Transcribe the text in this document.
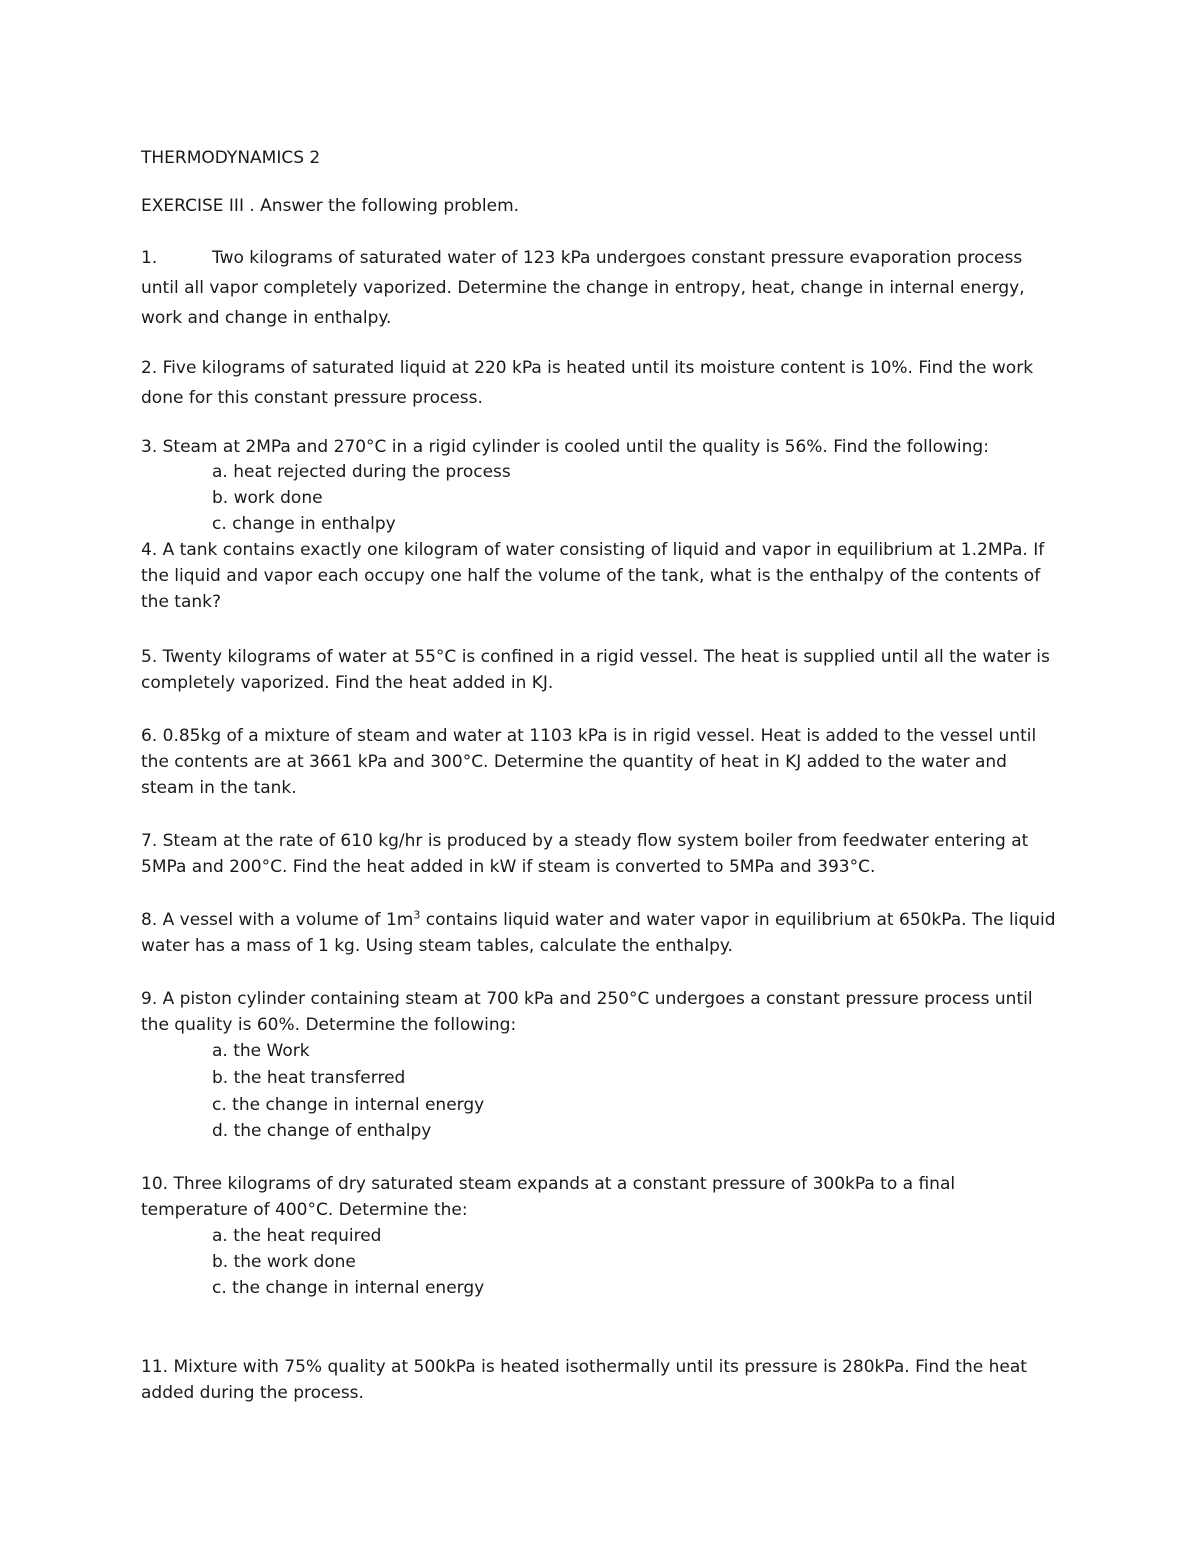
THERMODYNAMICS 2
EXERCISE III . Answer the following problem.
1.	Two kilograms of saturated water of 123 kPa undergoes constant pressure evaporation process until all vapor completely vaporized. Determine the change in entropy, heat, change in internal energy, work and change in enthalpy.
2. Five kilograms of saturated liquid at 220 kPa is heated until its moisture content is 10%. Find the work done for this constant pressure process.
3. Steam at 2MPa and 270°C in a rigid cylinder is cooled until the quality is 56%. Find the following:
a. heat rejected during the process
b. work done
c. change in enthalpy
4. A tank contains exactly one kilogram of water consisting of liquid and vapor in equilibrium at 1.2MPa. If the liquid and vapor each occupy one half the volume of the tank, what is the enthalpy of the contents of the tank?
5. Twenty kilograms of water at 55°C is confined in a rigid vessel. The heat is supplied until all the water is completely vaporized. Find the heat added in KJ.
6. 0.85kg of a mixture of steam and water at 1103 kPa is in rigid vessel. Heat is added to the vessel until the contents are at 3661 kPa and 300°C. Determine the quantity of heat in KJ added to the water and steam in the tank.
7. Steam at the rate of 610 kg/hr is produced by a steady flow system boiler from feedwater entering at 5MPa and 200°C. Find the heat added in kW if steam is converted to 5MPa and 393°C.
8. A vessel with a volume of $1m^3$ contains liquid water and water vapor in equilibrium at 650kPa. The liquid water has a mass of 1 kg. Using steam tables, calculate the enthalpy.
9. A piston cylinder containing steam at 700 kPa and 250°C undergoes a constant pressure process until the quality is 60%. Determine the following:
a. the Work
b. the heat transferred
c. the change in internal energy
d. the change of enthalpy
10. Three kilograms of dry saturated steam expands at a constant pressure of 300kPa to a final temperature of 400°C. Determine the:
a. the heat required
b. the work done
c. the change in internal energy
11. Mixture with 75% quality at 500kPa is heated isothermally until its pressure is 280kPa. Find the heat added during the process.
